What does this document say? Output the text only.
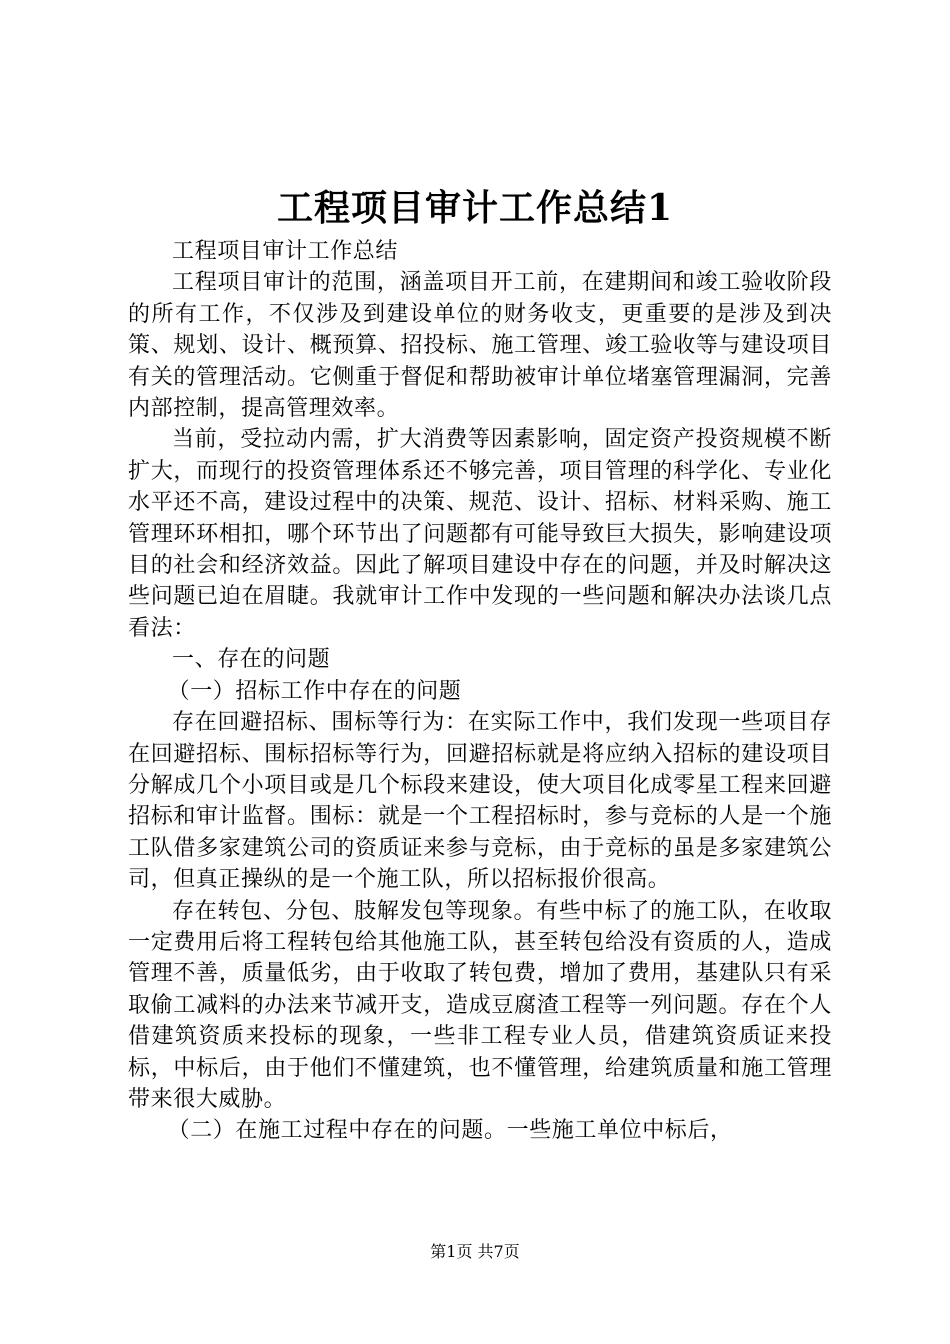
工程项目审计工作总结1

工程项目审计工作总结

工程项目审计的范围，涵盖项目开工前，在建期间和竣工验收阶段的所有工作，不仅涉及到建设单位的财务收支，更重要的是涉及到决策、规划、设计、概预算、招投标、施工管理、竣工验收等与建设项目有关的管理活动。它侧重于督促和帮助被审计单位堵塞管理漏洞，完善内部控制，提高管理效率。

当前，受拉动内需，扩大消费等因素影响，固定资产投资规模不断扩大，而现行的投资管理体系还不够完善，项目管理的科学化、专业化水平还不高，建设过程中的决策、规范、设计、招标、材料采购、施工管理环环相扣，哪个环节出了问题都有可能导致巨大损失，影响建设项目的社会和经济效益。因此了解项目建设中存在的问题，并及时解决这些问题已迫在眉睫。我就审计工作中发现的一些问题和解决办法谈几点看法：

一、存在的问题

（一）招标工作中存在的问题

存在回避招标、围标等行为：在实际工作中，我们发现一些项目存在回避招标、围标招标等行为，回避招标就是将应纳入招标的建设项目分解成几个小项目或是几个标段来建设，使大项目化成零星工程来回避招标和审计监督。围标：就是一个工程招标时，参与竞标的人是一个施工队借多家建筑公司的资质证来参与竞标，由于竞标的虽是多家建筑公司，但真正操纵的是一个施工队，所以招标报价很高。

存在转包、分包、肢解发包等现象。有些中标了的施工队，在收取一定费用后将工程转包给其他施工队，甚至转包给没有资质的人，造成管理不善，质量低劣，由于收取了转包费，增加了费用，基建队只有采取偷工减料的办法来节减开支，造成豆腐渣工程等一列问题。存在个人借建筑资质来投标的现象，一些非工程专业人员，借建筑资质证来投标，中标后，由于他们不懂建筑，也不懂管理，给建筑质量和施工管理带来很大威胁。

（二）在施工过程中存在的问题。一些施工单位中标后，

第1页 共7页
